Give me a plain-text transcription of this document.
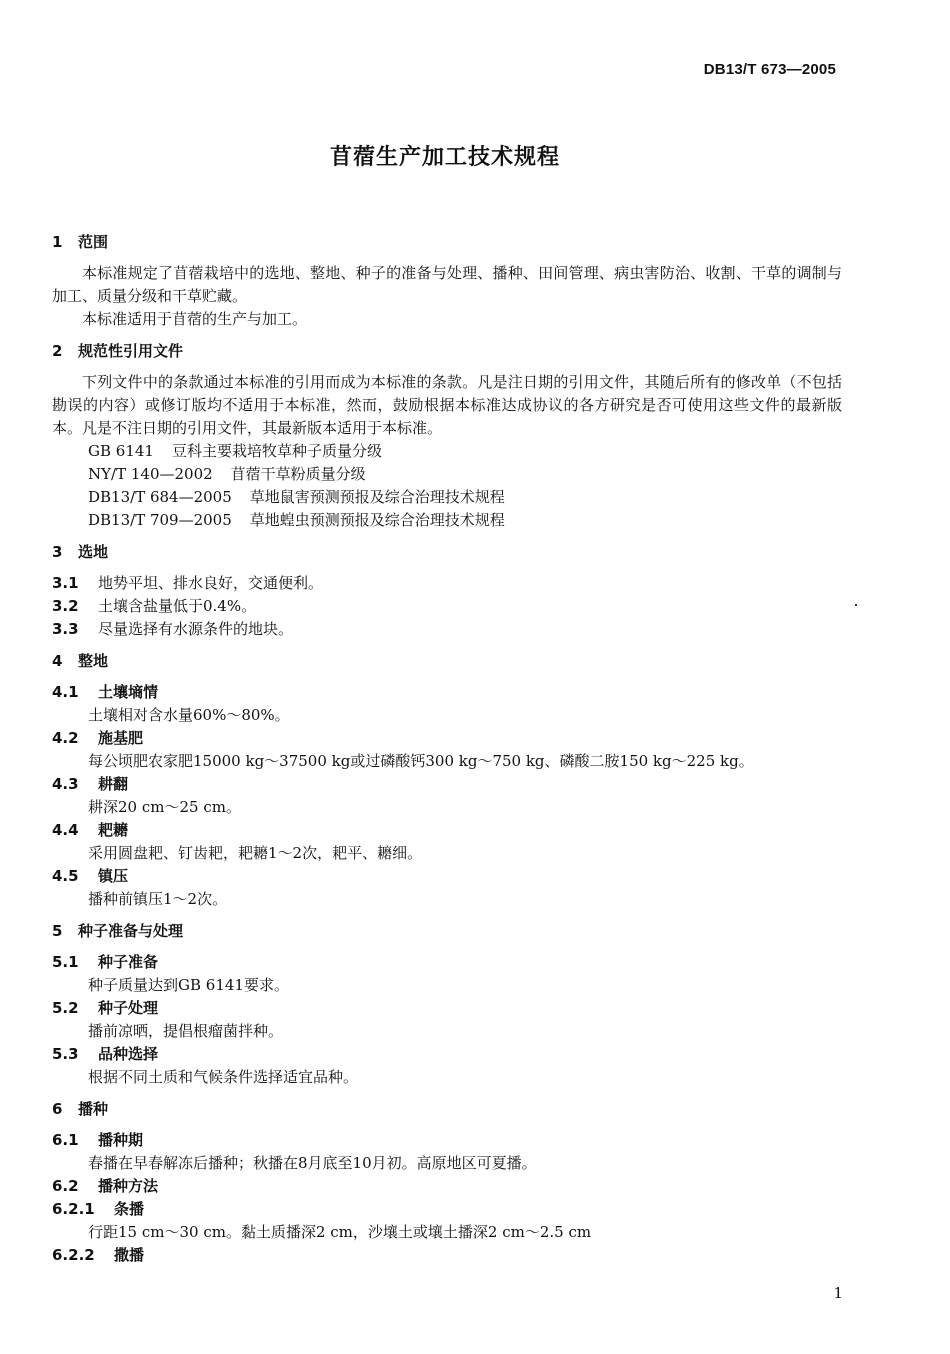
DB13/T 673—2005
苜蓿生产加工技术规程
1 范围

本标准规定了苜蓿栽培中的选地、整地、种子的准备与处理、播种、田间管理、病虫害防治、收割、干草的调制与加工、质量分级和干草贮藏。

本标准适用于苜蓿的生产与加工。

2 规范性引用文件

下列文件中的条款通过本标准的引用而成为本标准的条款。凡是注日期的引用文件，其随后所有的修改单（不包括勘误的内容）或修订版均不适用于本标准，然而，鼓励根据本标准达成协议的各方研究是否可使用这些文件的最新版本。凡是不注日期的引用文件，其最新版本适用于本标准。

GB 6141 豆科主要栽培牧草种子质量分级
NY/T 140—2002 苜蓿干草粉质量分级
DB13/T 684—2005 草地鼠害预测预报及综合治理技术规程
DB13/T 709—2005 草地蝗虫预测预报及综合治理技术规程
3 选地
3.1 地势平坦、排水良好，交通便利。
3.2 土壤含盐量低于0.4%。
3.3 尽量选择有水源条件的地块。
4 整地
4.1 土壤墒情
土壤相对含水量60%～80%。
4.2 施基肥
每公顷肥农家肥15000 kg～37500 kg或过磷酸钙300 kg～750 kg、磷酸二胺150 kg～225 kg。
4.3 耕翻
耕深20 cm～25 cm。
4.4 耙耱
采用圆盘耙、钉齿耙，耙耱1～2次，耙平、耱细。
4.5 镇压
播种前镇压1～2次。
5 种子准备与处理
5.1 种子准备
种子质量达到GB 6141要求。
5.2 种子处理
播前凉晒，提倡根瘤菌拌种。
5.3 品种选择
根据不同土质和气候条件选择适宜品种。
6 播种
6.1 播种期
春播在早春解冻后播种；秋播在8月底至10月初。高原地区可夏播。
6.2 播种方法
6.2.1 条播
行距15 cm～30 cm。黏土质播深2 cm，沙壤土或壤土播深2 cm～2.5 cm
6.2.2 撒播
1
